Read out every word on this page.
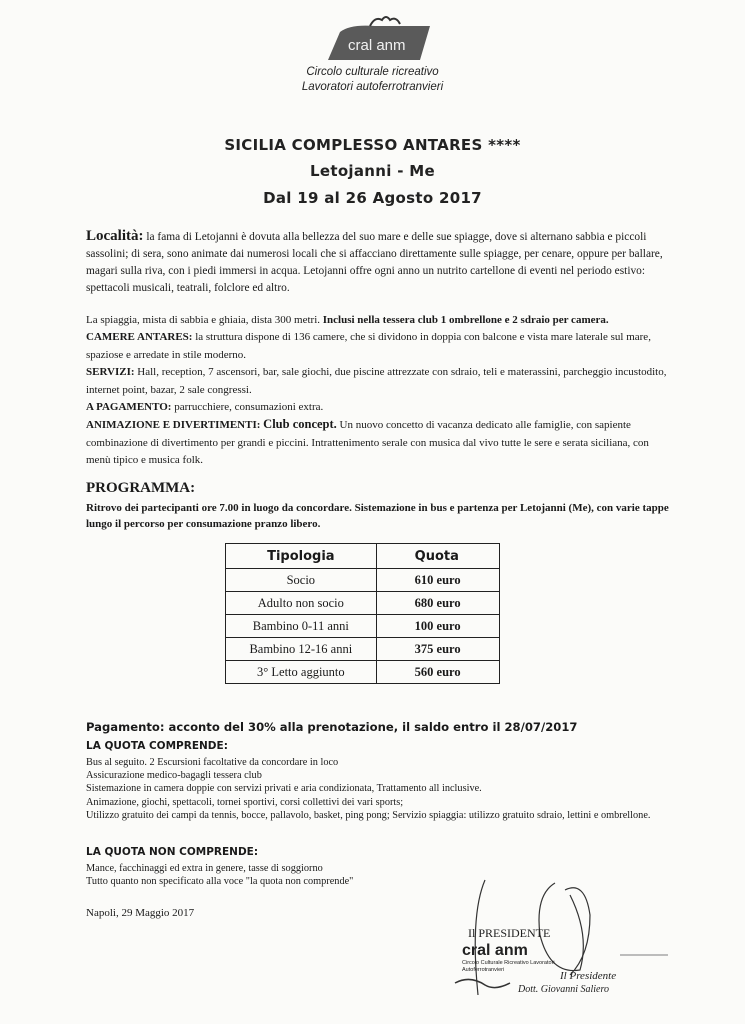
cral anm
Circolo culturale ricreativo
Lavoratori autoferrotranvieri
SICILIA COMPLESSO ANTARES ****
Letojanni - Me
Dal 19 al 26 Agosto 2017
Località: la fama di Letojanni è dovuta alla bellezza del suo mare e delle sue spiagge, dove si alternano sabbia e piccoli sassolini; di sera, sono animate dai numerosi locali che si affacciano direttamente sulle spiagge, per cenare, oppure per ballare, magari sulla riva, con i piedi immersi in acqua. Letojanni offre ogni anno un nutrito cartellone di eventi nel periodo estivo: spettacoli musicali, teatrali, folclore ed altro.
La spiaggia, mista di sabbia e ghiaia, dista 300 metri. Inclusi nella tessera club 1 ombrellone e 2 sdraio per camera.
CAMERE ANTARES: la struttura dispone di 136 camere, che si dividono in doppia con balcone e vista mare laterale sul mare, spaziose e arredate in stile moderno.
SERVIZI: Hall, reception, 7 ascensori, bar, sale giochi, due piscine attrezzate con sdraio, teli e materassini, parcheggio incustodito, internet point, bazar, 2 sale congressi.
A PAGAMENTO: parrucchiere, consumazioni extra.
ANIMAZIONE E DIVERTIMENTI: Club concept. Un nuovo concetto di vacanza dedicato alle famiglie, con sapiente combinazione di divertimento per grandi e piccini. Intrattenimento serale con musica dal vivo tutte le sere e serata siciliana, con menù tipico e musica folk.
PROGRAMMA:
Ritrovo dei partecipanti ore 7.00 in luogo da concordare. Sistemazione in bus e partenza per Letojanni (Me), con varie tappe lungo il percorso per consumazione pranzo libero.
Tipologia	Quota
Socio	610 euro
Adulto non socio	680 euro
Bambino 0-11 anni	100 euro
Bambino 12-16 anni	375 euro
3° Letto aggiunto	560 euro
Pagamento: acconto del 30% alla prenotazione, il saldo entro il 28/07/2017
LA QUOTA COMPRENDE:
Bus al seguito. 2 Escursioni facoltative da concordare in loco
Assicurazione medico-bagagli tessera club
Sistemazione in camera doppie con servizi privati e aria condizionata, Trattamento all inclusive.
Animazione, giochi, spettacoli, tornei sportivi, corsi collettivi dei vari sports;
Utilizzo gratuito dei campi da tennis, bocce, pallavolo, basket, ping pong; Servizio spiaggia: utilizzo gratuito sdraio, lettini e ombrellone.
LA QUOTA NON COMPRENDE:
Mance, facchinaggi ed extra in genere, tasse di soggiorno
Tutto quanto non specificato alla voce "la quota non comprende"
Napoli, 29 Maggio 2017
Il PRESIDENTE
cral anm
Circolo Culturale Ricreativo Lavoratori
Autoferrotranvieri	Il Presidente
Dott. Giovanni Saliero
